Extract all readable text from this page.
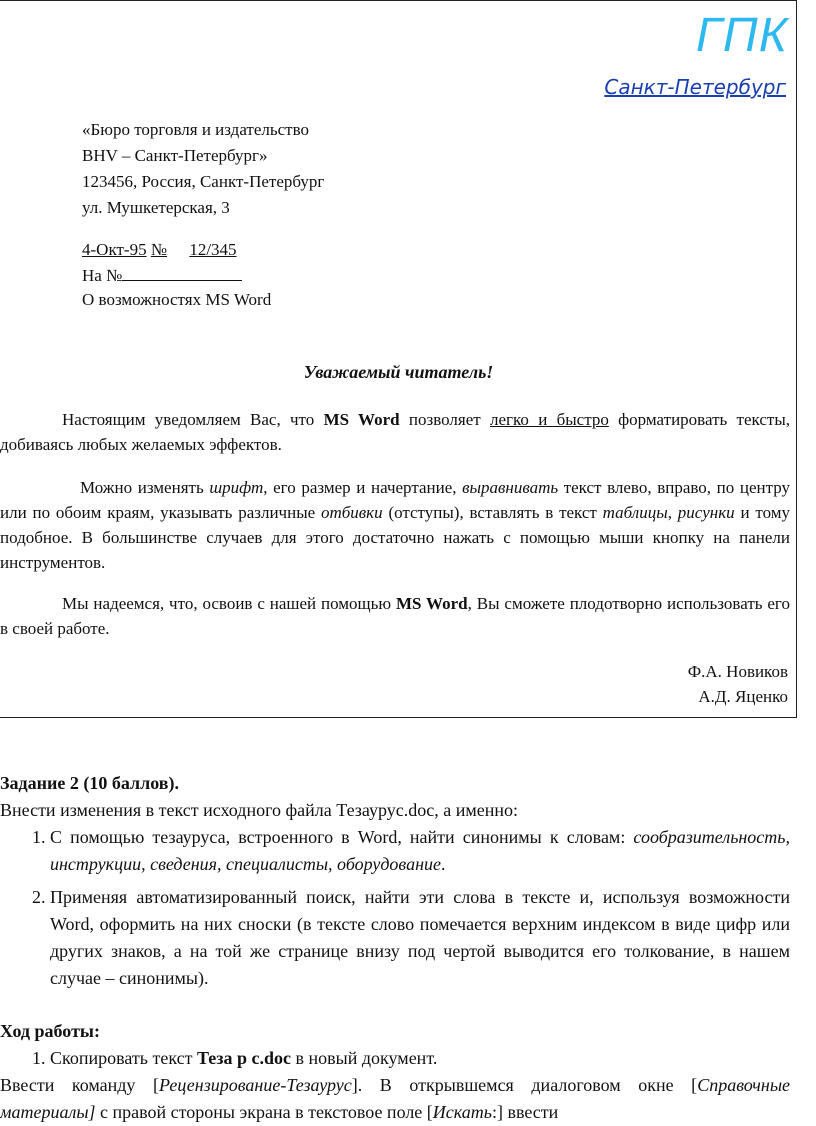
ГПК
Санкт-Петербург
«Бюро торговля и издательство
BHV – Санкт-Петербург»
123456, Россия, Санкт-Петербург
ул. Мушкетерская, 3
4-Окт-95 № 12/345
На №
О возможностях MS Word
Уважаемый читатель!
Настоящим уведомляем Вас, что MS Word позволяет легко и быстро форматировать тексты, добиваясь любых желаемых эффектов.
Можно изменять шрифт, его размер и начертание, выравнивать текст влево, вправо, по центру или по обоим краям, указывать различные отбивки (отступы), вставлять в текст таблицы, рисунки и тому подобное. В большинстве случаев для этого достаточно нажать с помощью мыши кнопку на панели инструментов.
Мы надеемся, что, освоив с нашей помощью MS Word, Вы сможете плодотворно использовать его в своей работе.
Ф.А. Новиков
А.Д. Яценко
Задание 2 (10 баллов).
Внести изменения в текст исходного файла Тезаурус.doc, а именно:
1. С помощью тезауруса, встроенного в Word, найти синонимы к словам: сообразительность, инструкции, сведения, специалисты, оборудование.
2. Применяя автоматизированный поиск, найти эти слова в тексте и, используя возможности Word, оформить на них сноски (в тексте слово помечается верхним индексом в виде цифр или других знаков, а на той же странице внизу под чертой выводится его толкование, в нашем случае – синонимы).
Ход работы:
1. Скопировать текст Теза р с.doc в новый документ.
Ввести команду [Рецензирование-Тезаурус]. В открывшемся диалоговом окне [Справочные материалы] с правой стороны экрана в текстовое поле [Искать:] ввести
